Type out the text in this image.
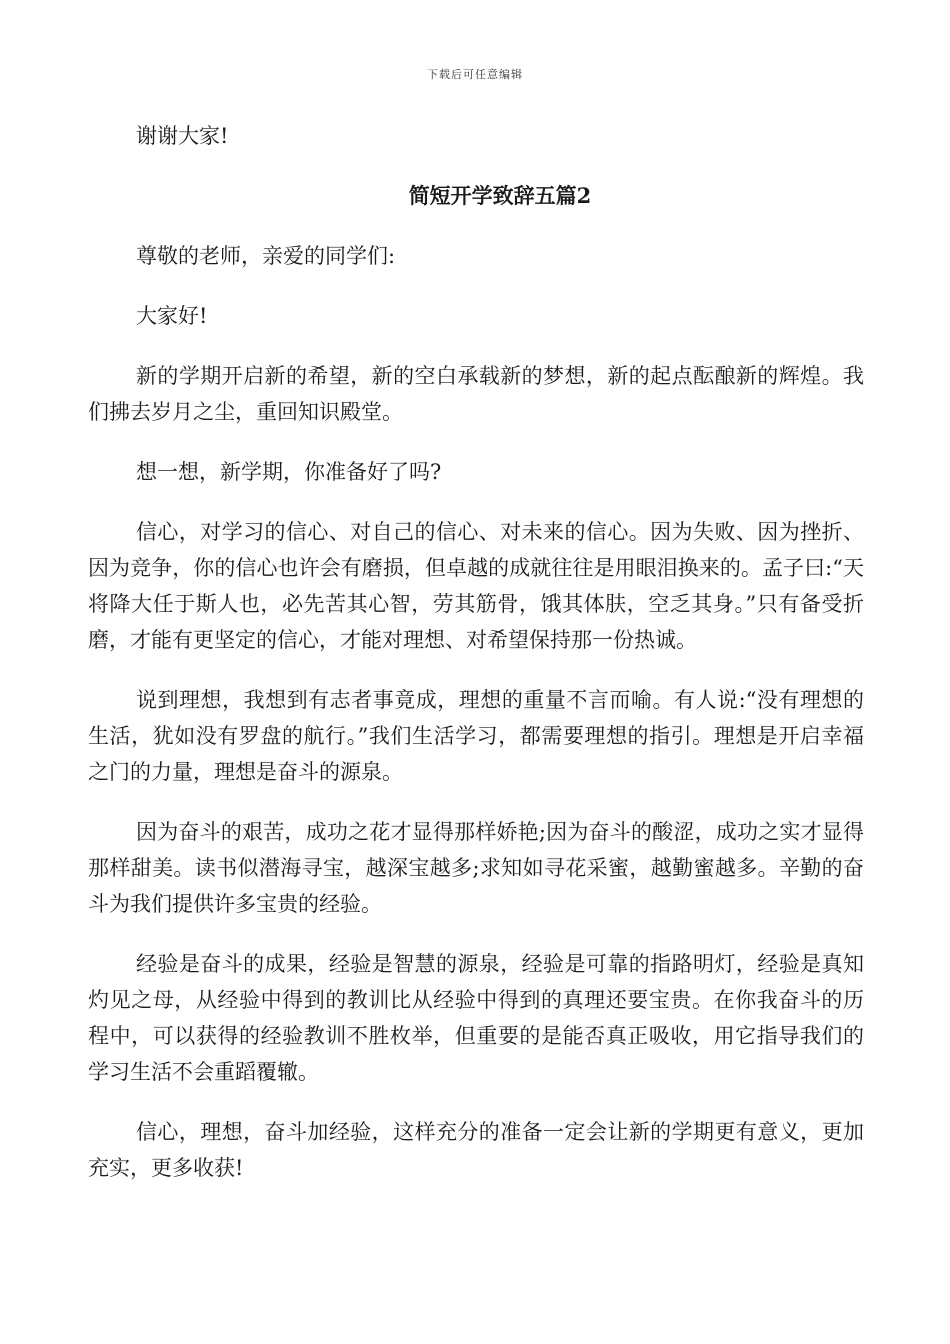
下载后可任意编辑

谢谢大家!

简短开学致辞五篇2

尊敬的老师，亲爱的同学们:

大家好!

新的学期开启新的希望，新的空白承载新的梦想，新的起点酝酿新的辉煌。我们拂去岁月之尘，重回知识殿堂。

想一想，新学期，你准备好了吗?

信心，对学习的信心、对自己的信心、对未来的信心。因为失败、因为挫折、因为竞争，你的信心也许会有磨损，但卓越的成就往往是用眼泪换来的。孟子曰:“天将降大任于斯人也，必先苦其心智，劳其筋骨，饿其体肤，空乏其身。”只有备受折磨，才能有更坚定的信心，才能对理想、对希望保持那一份热诚。

说到理想，我想到有志者事竟成，理想的重量不言而喻。有人说:“没有理想的生活，犹如没有罗盘的航行。”我们生活学习，都需要理想的指引。理想是开启幸福之门的力量，理想是奋斗的源泉。

因为奋斗的艰苦，成功之花才显得那样娇艳;因为奋斗的酸涩，成功之实才显得那样甜美。读书似潜海寻宝，越深宝越多;求知如寻花采蜜，越勤蜜越多。辛勤的奋斗为我们提供许多宝贵的经验。

经验是奋斗的成果，经验是智慧的源泉，经验是可靠的指路明灯，经验是真知灼见之母，从经验中得到的教训比从经验中得到的真理还要宝贵。在你我奋斗的历程中，可以获得的经验教训不胜枚举，但重要的是能否真正吸收，用它指导我们的学习生活不会重蹈覆辙。

信心，理想，奋斗加经验，这样充分的准备一定会让新的学期更有意义，更加充实，更多收获!
